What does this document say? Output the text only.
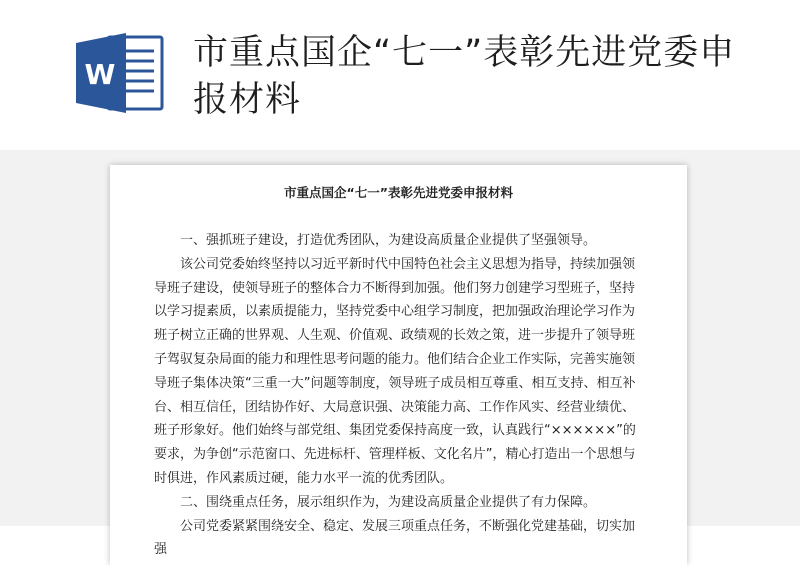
W
市重点国企“七一”表彰先进党委申报材料
市重点国企“七一”表彰先进党委申报材料

一、强抓班子建设，打造优秀团队，为建设高质量企业提供了坚强领导。

该公司党委始终坚持以习近平新时代中国特色社会主义思想为指导，持续加强领导班子建设，使领导班子的整体合力不断得到加强。他们努力创建学习型班子，坚持以学习提素质，以素质提能力，坚持党委中心组学习制度，把加强政治理论学习作为班子树立正确的世界观、人生观、价值观、政绩观的长效之策，进一步提升了领导班子驾驭复杂局面的能力和理性思考问题的能力。他们结合企业工作实际，完善实施领导班子集体决策“三重一大”问题等制度，领导班子成员相互尊重、相互支持、相互补台、相互信任，团结协作好、大局意识强、决策能力高、工作作风实、经营业绩优、班子形象好。他们始终与部党组、集团党委保持高度一致，认真践行“××××××”的要求，为争创“示范窗口、先进标杆、管理样板、文化名片”，精心打造出一个思想与时俱进，作风素质过硬，能力水平一流的优秀团队。

二、围绕重点任务，展示组织作为，为建设高质量企业提供了有力保障。

公司党委紧紧围绕安全、稳定、发展三项重点任务，不断强化党建基础，切实加强
